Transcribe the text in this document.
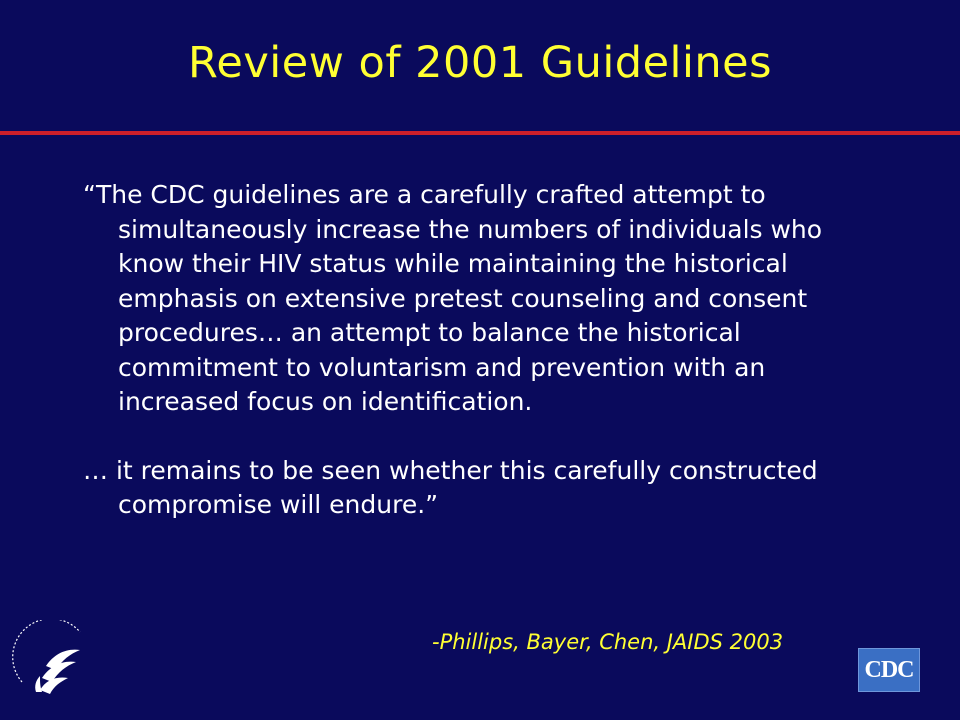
Review of 2001 Guidelines

“The CDC guidelines are a carefully crafted attempt to simultaneously increase the numbers of individuals who know their HIV status while maintaining the historical emphasis on extensive pretest counseling and consent procedures… an attempt to balance the historical commitment to voluntarism and prevention with an increased focus on identification.

… it remains to be seen whether this carefully constructed compromise will endure.”

-Phillips, Bayer, Chen, JAIDS 2003
CDC
